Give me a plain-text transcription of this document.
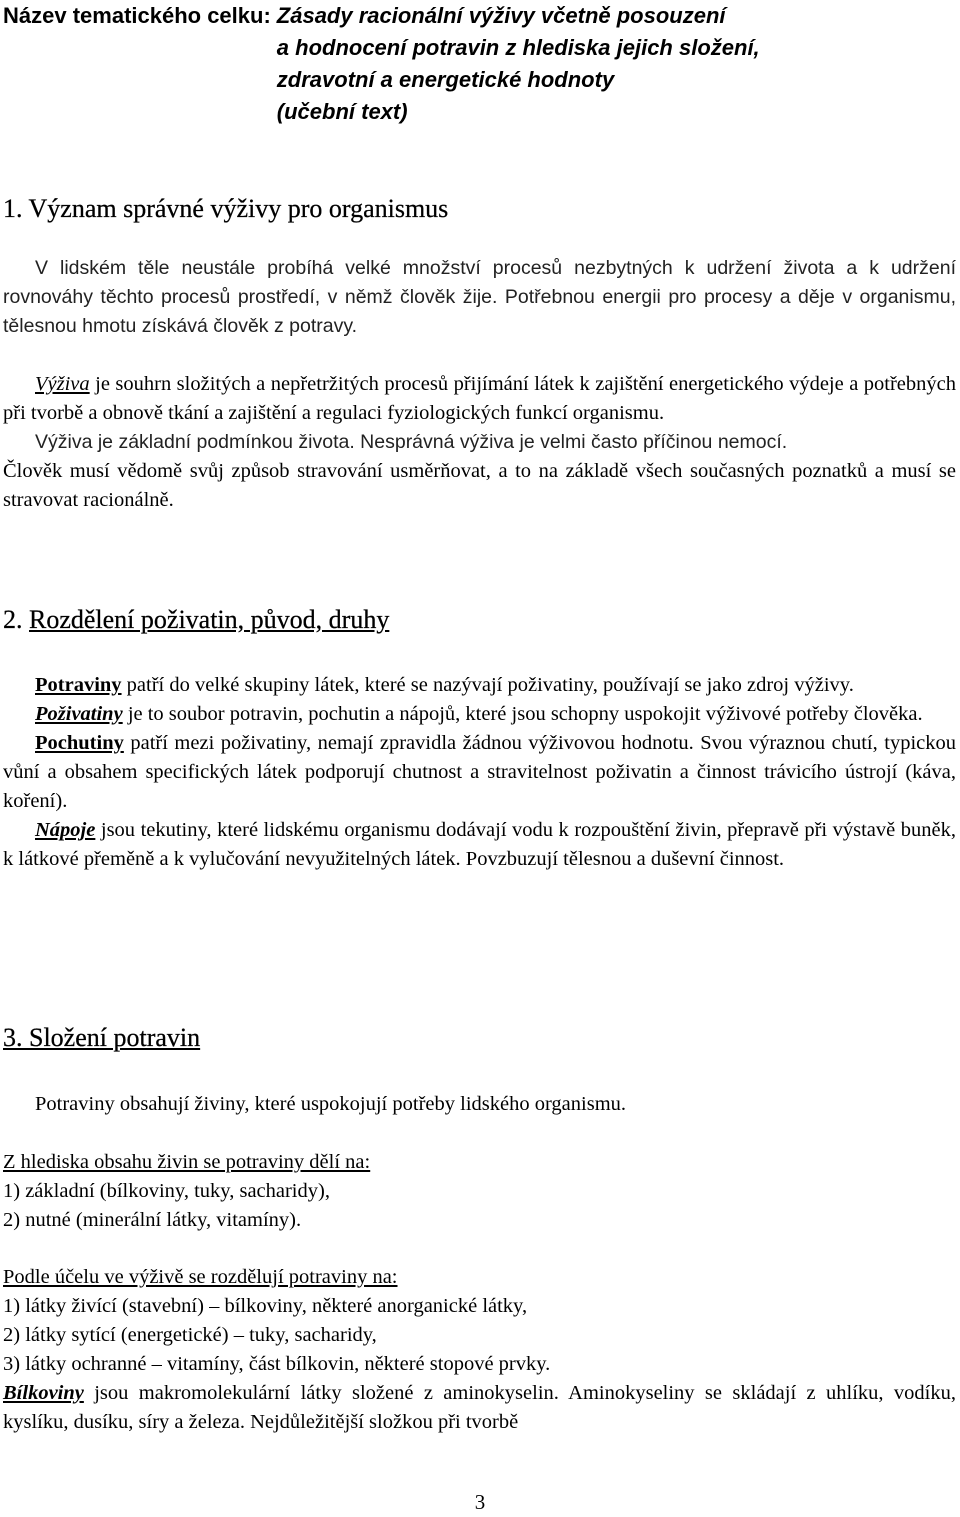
Název tematického celku: Zásady racionální výživy včetně posouzení
a hodnocení potravin z hlediska jejich složení,
zdravotní a energetické hodnoty
(učební text)
1. Význam správné výživy pro organismus

V lidském těle neustále probíhá velké množství procesů nezbytných k udržení života a k udržení rovnováhy těchto procesů prostředí, v němž člověk žije. Potřebnou energii pro procesy a děje v organismu, tělesnou hmotu získává člověk z potravy.

Výživa je souhrn složitých a nepřetržitých procesů přijímání látek k zajištění energetického výdeje a potřebných při tvorbě a obnově tkání a zajištění a regulaci fyziologických funkcí organismu.

Výživa je základní podmínkou života. Nesprávná výživa je velmi často příčinou nemocí.

Člověk musí vědomě svůj způsob stravování usměrňovat, a to na základě všech současných poznatků a musí se stravovat racionálně.

2. Rozdělení poživatin, původ, druhy

Potraviny patří do velké skupiny látek, které se nazývají poživatiny, používají se jako zdroj výživy.

Poživatiny je to soubor potravin, pochutin a nápojů, které jsou schopny uspokojit výživové potřeby člověka.

Pochutiny patří mezi poživatiny, nemají zpravidla žádnou výživovou hodnotu. Svou výraznou chutí, typickou vůní a obsahem specifických látek podporují chutnost a stravitelnost poživatin a činnost trávicího ústrojí (káva, koření).

Nápoje jsou tekutiny, které lidskému organismu dodávají vodu k rozpouštění živin, přepravě při výstavě buněk, k látkové přeměně a k vylučování nevyužitelných látek. Povzbuzují tělesnou a duševní činnost.

3. Složení potravin

Potraviny obsahují živiny, které uspokojují potřeby lidského organismu.

Z hlediska obsahu živin se potraviny dělí na:
1) základní (bílkoviny, tuky, sacharidy),
2) nutné (minerální látky, vitamíny).
Podle účelu ve výživě se rozdělují potraviny na:
1) látky živící (stavební) – bílkoviny, některé anorganické látky,
2) látky sytící (energetické) – tuky, sacharidy,
3) látky ochranné – vitamíny, část bílkovin, některé stopové prvky.

Bílkoviny jsou makromolekulární látky složené z aminokyselin. Aminokyseliny se skládají z uhlíku, vodíku, kyslíku, dusíku, síry a železa. Nejdůležitější složkou při tvorbě

3
